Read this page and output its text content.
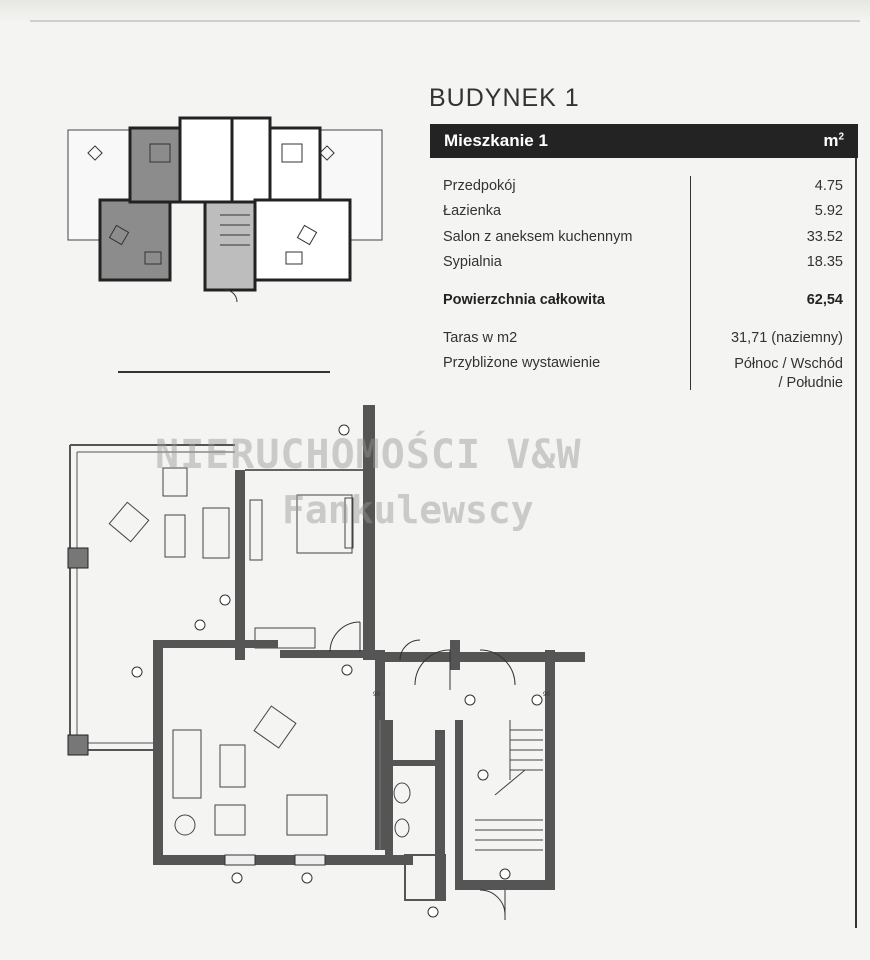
BUDYNEK 1
Mieszkanie 1	$m^2$
Przedpokój	4.75
Łazienka	5.92
Salon z aneksem kuchennym	33.52
Sypialnia	18.35
Powierzchnia całkowita	62,54
Taras w m2	31,71 (naziemny)
Przybliżone wystawienie	Północ / Wschód
/ Południe
90	90
NIERUCHOMOŚCI V&W
Fankulewscy
